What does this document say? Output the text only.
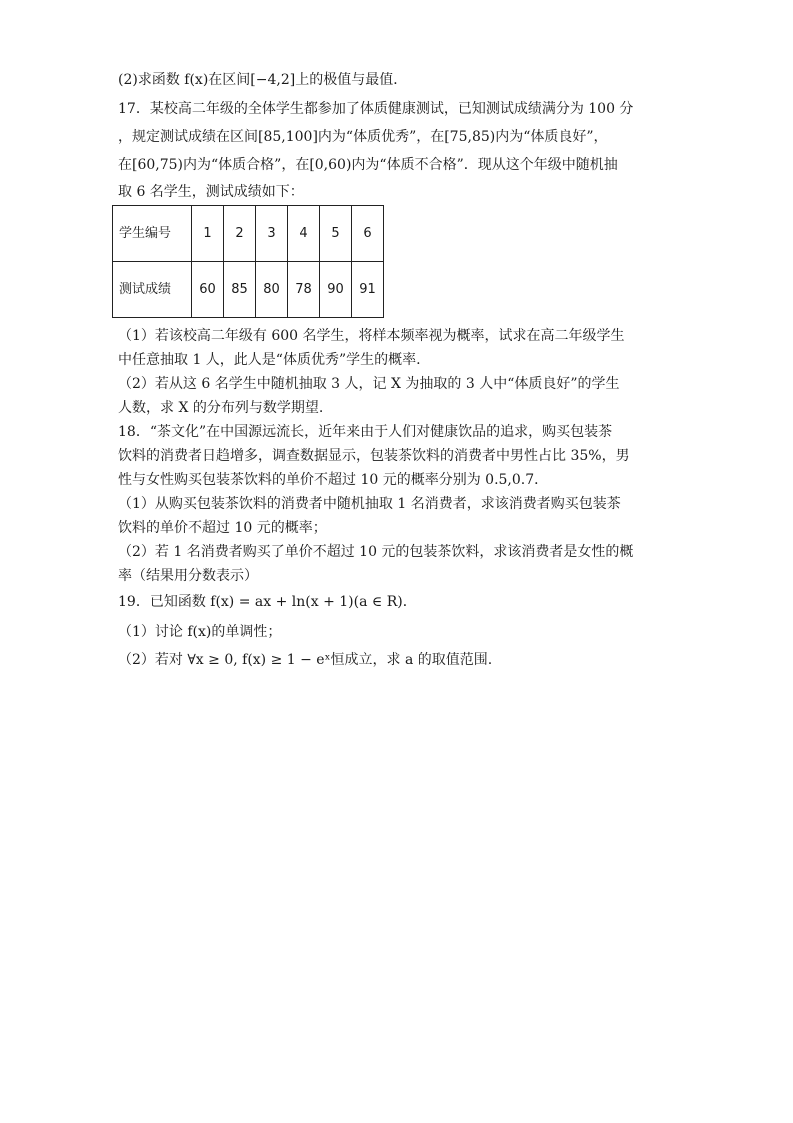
(2)求函数 f(x)在区间[−4,2]上的极值与最值．
17．某校高二年级的全体学生都参加了体质健康测试，已知测试成绩满分为 100 分
，规定测试成绩在区间[85,100]内为“体质优秀”，在[75,85)内为“体质良好”，
在[60,75)内为“体质合格”，在[0,60)内为“体质不合格”．现从这个年级中随机抽
取 6 名学生，测试成绩如下：
学生编号	1	2	3	4	5	6
测试成绩	60	85	80	78	90	91
（1）若该校高二年级有 600 名学生，将样本频率视为概率，试求在高二年级学生
中任意抽取 1 人，此人是“体质优秀”学生的概率.
（2）若从这 6 名学生中随机抽取 3 人，记 X 为抽取的 3 人中“体质良好”的学生
人数，求 X 的分布列与数学期望.
18．“茶文化”在中国源远流长，近年来由于人们对健康饮品的追求，购买包装茶
饮料的消费者日趋增多，调查数据显示，包装茶饮料的消费者中男性占比 35%，男
性与女性购买包装茶饮料的单价不超过 10 元的概率分别为 0.5,0.7．
（1）从购买包装茶饮料的消费者中随机抽取 1 名消费者，求该消费者购买包装茶
饮料的单价不超过 10 元的概率；
（2）若 1 名消费者购买了单价不超过 10 元的包装茶饮料，求该消费者是女性的概
率（结果用分数表示）
19．已知函数 f(x) = ax + ln(x + 1)(a ∈ R)．
（1）讨论 f(x)的单调性；
（2）若对 ∀x ≥ 0, f(x) ≥ 1 − eˣ恒成立，求 a 的取值范围.
